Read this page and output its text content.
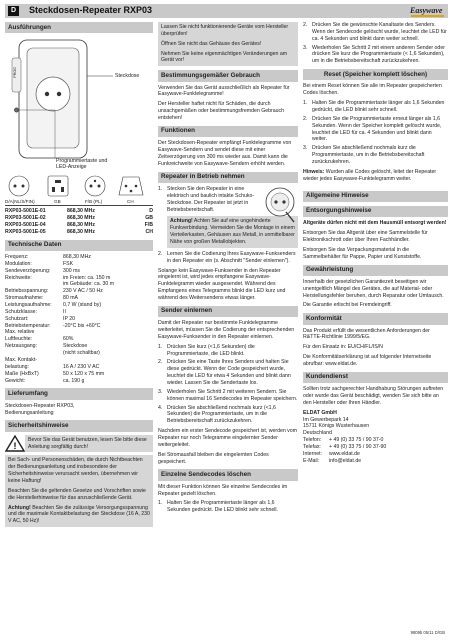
D	Steckdosen-Repeater RXP03	Easywave
Ausführungen
Steckdose
PROG
Programmiertaste und
LED-Anzeige
D/A(NL/S/FIN)	GB	F/B (PL)	CH
RXP03-5001E-01	868,30 MHz	D
RXP03-5001E-02	868,30 MHz	GB
RXP03-5001E-04	868,30 MHz	F/B
RXP03-5001E-05	868,30 MHz	CH
Technische Daten
Frequenz:	868,30 MHz
Modulation:	FSK
Sendeverzögerung:	300 ms
Reichweite:	im Freien: ca. 150 m
im Gebäude: ca. 30 m
Betriebsspannung:	230 V AC / 50 Hz
Stromaufnahme:	80 mA
Leistungsaufnahme:	0,7 W (stand by)
Schutzklasse:	II
Schutzart:	IP 20
Betriebstemperatur:	-20°C bis +60°C
Max. relative
Luftfeuchte:	60%
Netzausgang:	Steckdose
(nicht schaltbar)
Max. Kontakt-
belastung:	16 A / 230 V AC
Maße (HxBxT)	50 x 120 x 75 mm
Gewicht:	ca. 190 g
Lieferumfang

Steckdosen-Repeater RXP03,
Bedienungsanleitung

Sicherheitshinweise
!
Bevor Sie das Gerät benutzen, lesen Sie bitte diese Anleitung sorgfältig durch!

Bei Sach- und Personenschäden, die durch Nichtbeachten der Bedienungsanleitung und insbesondere der Sicherheitshinweise verursacht werden, übernehmen wir keine Haftung!

Beachten Sie die geltenden Gesetze und Vorschriften sowie die Herstellerhinweise für das anzuschließende Gerät.

Achtung! Beachten Sie die zulässige Versorgungsspannung und die maximale Kontaktbelastung der Steckdose (16 A, 230 V AC, 50 Hz)!

Lassen Sie nicht funktionierende Geräte vom Hersteller überprüfen!

Öffnen Sie nicht das Gehäuse des Gerätes!

Nehmen Sie keine eigenmächtigen Veränderungen am Gerät vor!

Bestimmungsgemäßer Gebrauch

Verwenden Sie das Gerät ausschließlich als Repeater für Easywave-Funktelegramme!

Der Hersteller haftet nicht für Schäden, die durch unsachgemäßen oder bestimmungsfremden Gebrauch entstehen!

Funktionen

Der Steckdosen-Repeater empfängt Funktelegramme von Easywave-Sendern und sendet diese mit einer Zeitverzögerung von 300 ms wieder aus. Damit kann die Funkreichweite von Easywave-Sendern erhöht werden.

Repeater in Betrieb nehmen
1. Stecken Sie den Repeater in eine elektrisch und baulich intakte Schuko-Steckdose. Der Repeater ist jetzt in Betriebsbereitschaft.
Achtung! Achten Sie auf eine ungehinderte Funkverbindung. Vermeiden Sie die Montage in einem Verteilerkasten, Gehäusen aus Metall, in unmittelbarer Nähe von großen Metallobjekten.
2. Lernen Sie die Codierung Ihres Easywave-Funksenders in den Repeater ein (s. Abschnitt "Sender einlernen").

Solange kein Easywave-Funksender in den Repeater eingelernt ist, wird jedes empfangene Easywave-Funktelegramm wieder ausgesendet. Während des Empfangens eines Telegramms blinkt die LED kurz und während des Weitersendens etwas länger.

Sender einlernen

Damit der Repeater nur bestimmte Funktelegramme weiterleitet, müssen Sie die Codierung der entsprechenden Easywave-Funksender in den Repeater einlernen.

1. Drücken Sie kurz (<1,6 Sekunden) die Programmiertaste, die LED blinkt.
2. Drücken Sie eine Taste Ihres Senders und halten Sie diese gedrückt. Wenn der Code gespeichert wurde, leuchtet die LED für etwa 4 Sekunden und blinkt dann wieder. Lassen Sie die Sendertaste los.
3. Wiederholen Sie Schritt 2 mit weiteren Sendern. Sie können maximal 16 Sendecodes im Repeater speichern.
4. Drücken Sie abschließend nochmals kurz (<1,6 Sekunden) die Programmiertaste, um in die Betriebsbereitschaft zurückzukehren.

Nachdem ein erster Sendecode gespeichert ist, werden vom Repeater nur noch Telegramme eingelernter Sender weitergeleitet.

Bei Stromausfall bleiben die eingelernten Codes gespeichert.

Einzelne Sendecodes löschen

Mit dieser Funktion können Sie einzelne Sendecodes im Repeater gezielt löschen.

1. Halten Sie die Programmiertaste länger als 1,6 Sekunden gedrückt. Die LED blinkt sehr schnell.
2. Drücken Sie die gewünschte Kanaltaste des Senders. Wenn der Sendecode gelöscht wurde, leuchtet die LED für ca. 4 Sekunden und blinkt dann weiter schnell.
3. Wiederholen Sie Schritt 2 mit einem anderen Sender oder drücken Sie kurz die Programmiertaste (< 1,6 Sekunden), um in die Betriebsbereitschaft zurückzukehren.
Reset (Speicher komplett löschen)

Bei einem Reset können Sie alle im Repeater gespeicherten Codes löschen.

1. Halten Sie die Programmiertaste länger als 1,6 Sekunden gedrückt, die LED blinkt sehr schnell.
2. Drücken Sie die Programmiertaste erneut länger als 1,6 Sekunden. Wenn der Speicher komplett gelöscht wurde, leuchtet die LED für ca. 4 Sekunden und blinkt dann weiter.
3. Drücken Sie abschließend nochmals kurz die Programmiertaste, um in die Betriebsbereitschaft zurückzukehren.

Hinweis: Wurden alle Codes gelöscht, leitet der Repeater wieder jedes Easywave-Funktelegramm weiter.

Allgemeine Hinweise
Entsorgungshinweise

Altgeräte dürfen nicht mit dem Hausmüll entsorgt werden!

Entsorgen Sie das Altgerät über eine Sammelstelle für Elektronikschrott oder über Ihren Fachhändler.

Entsorgen Sie das Verpackungsmaterial in die Sammelbehälter für Pappe, Papier und Kunststoffe.

Gewährleistung

Innerhalb der gesetzlichen Garantiezeit beseitigen wir unentgeltlich Mängel des Gerätes, die auf Material- oder Herstellungsfehler beruhen, durch Reparatur oder Umtausch.

Die Garantie erlischt bei Fremdeingriff.

Konformität

Das Produkt erfüllt die wesentlichen Anforderungen der R&TTE-Richtlinie 1999/5/EG.

Für den Einsatz in: EU/CH/FL/IS/N

Die Konformitätserklärung ist auf folgender Internetseite abrufbar: www.eldat.de.

Kundendienst

Sollten trotz sachgerechter Handhabung Störungen auftreten oder wurde das Gerät beschädigt, wenden Sie sich bitte an den Hersteller oder Ihren Händler.

ELDAT GmbH
Im Gewerbepark 14
15711 Königs Wusterhausen
Deutschland
Telefon:	+ 49 (0) 33 75 / 90 37-0
Telefax:	+ 49 (0) 33 75 / 90 37-90
Internet:	www.eldat.de
E-Mail:	info@eldat.de
9809b 05/11 D/GB
